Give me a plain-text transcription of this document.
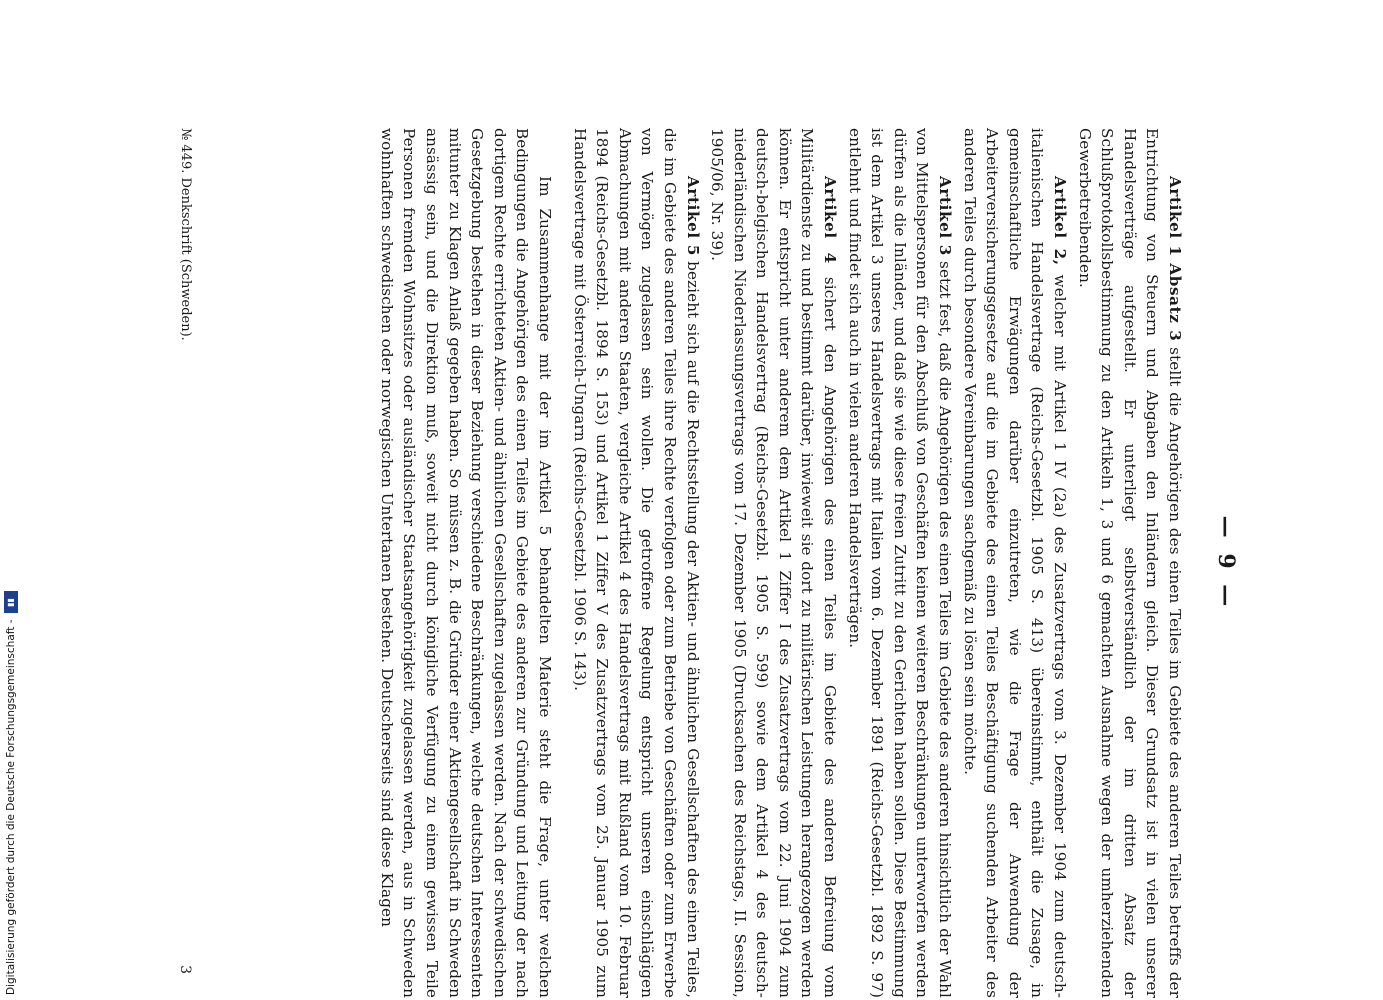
— 9 —

Artikel 1 Absatz 3 stellt die Angehörigen des einen Teiles im Gebiete des anderen Teiles betreffs der Entrichtung von Steuern und Abgaben den Inländern gleich. Dieser Grundsatz ist in vielen unserer Handelsverträge aufgestellt. Er unterliegt selbstverständlich der im dritten Absatz der Schlußprotokollsbestimmung zu den Artikeln 1, 3 und 6 gemachten Ausnahme wegen der umherziehenden Gewerbetreibenden.

Artikel 2, welcher mit Artikel 1 IV (2a) des Zusatzvertrags vom 3. Dezember 1904 zum deutsch-italienischen Handelsvertrage (Reichs-Gesetzbl. 1905 S. 413) übereinstimmt, enthält die Zusage, in gemeinschaftliche Erwägungen darüber einzutreten, wie die Frage der Anwendung der Arbeiterversicherungsgesetze auf die im Gebiete des einen Teiles Beschäftigung suchenden Arbeiter des anderen Teiles durch besondere Vereinbarungen sachgemäß zu lösen sein möchte.

Artikel 3 setzt fest, daß die Angehörigen des einen Teiles im Gebiete des anderen hinsichtlich der Wahl von Mittelspersonen für den Abschluß von Geschäften keinen weiteren Beschränkungen unterworfen werden dürfen als die Inländer, und daß sie wie diese freien Zutritt zu den Gerichten haben sollen. Diese Bestimmung ist dem Artikel 3 unseres Handelsvertrags mit Italien vom 6. Dezember 1891 (Reichs-Gesetzbl. 1892 S. 97) entlehnt und findet sich auch in vielen anderen Handelsverträgen.

Artikel 4 sichert den Angehörigen des einen Teiles im Gebiete des anderen Befreiung vom Militärdienste zu und bestimmt darüber, inwieweit sie dort zu militärischen Leistungen herangezogen werden können. Er entspricht unter anderem dem Artikel 1 Ziffer I des Zusatzvertrags vom 22. Juni 1904 zum deutsch-belgischen Handelsvertrag (Reichs-Gesetzbl. 1905 S. 599) sowie dem Artikel 4 des deutsch-niederländischen Niederlassungsvertrags vom 17. Dezember 1905 (Drucksachen des Reichstags, II. Session, 1905/06, Nr. 39).

Artikel 5 bezieht sich auf die Rechtsstellung der Aktien- und ähnlichen Gesellschaften des einen Teiles, die im Gebiete des anderen Teiles ihre Rechte verfolgen oder zum Betriebe von Geschäften oder zum Erwerbe von Vermögen zugelassen sein wollen. Die getroffene Regelung entspricht unseren einschlägigen Abmachungen mit anderen Staaten, vergleiche Artikel 4 des Handelsvertrags mit Rußland vom 10. Februar 1894 (Reichs-Gesetzbl. 1894 S. 153) und Artikel 1 Ziffer V des Zusatzvertrags vom 25. Januar 1905 zum Handelsvertrage mit Österreich-Ungarn (Reichs-Gesetzbl. 1906 S. 143).

Im Zusammenhange mit der im Artikel 5 behandelten Materie steht die Frage, unter welchen Bedingungen die Angehörigen des einen Teiles im Gebiete des anderen zur Gründung und Leitung der nach dortigem Rechte errichteten Aktien- und ähnlichen Gesellschaften zugelassen werden. Nach der schwedischen Gesetzgebung bestehen in dieser Beziehung verschiedene Beschränkungen, welche deutschen Interessenten mitunter zu Klagen Anlaß gegeben haben. So müssen z. B. die Gründer einer Aktiengesellschaft in Schweden ansässig sein, und die Direktion muß, soweit nicht durch königliche Verfügung zu einem gewissen Teile Personen fremden Wohnsitzes oder ausländischer Staatsangehörigkeit zugelassen werden, aus in Schweden wohnhaften schwedischen oder norwegischen Untertanen bestehen. Deutscherseits sind diese Klagen

№ 449. Denkschrift (Schweden).
3
Digitalisierung gefördert durch die Deutsche Forschungsgemeinschaft -▮▮
